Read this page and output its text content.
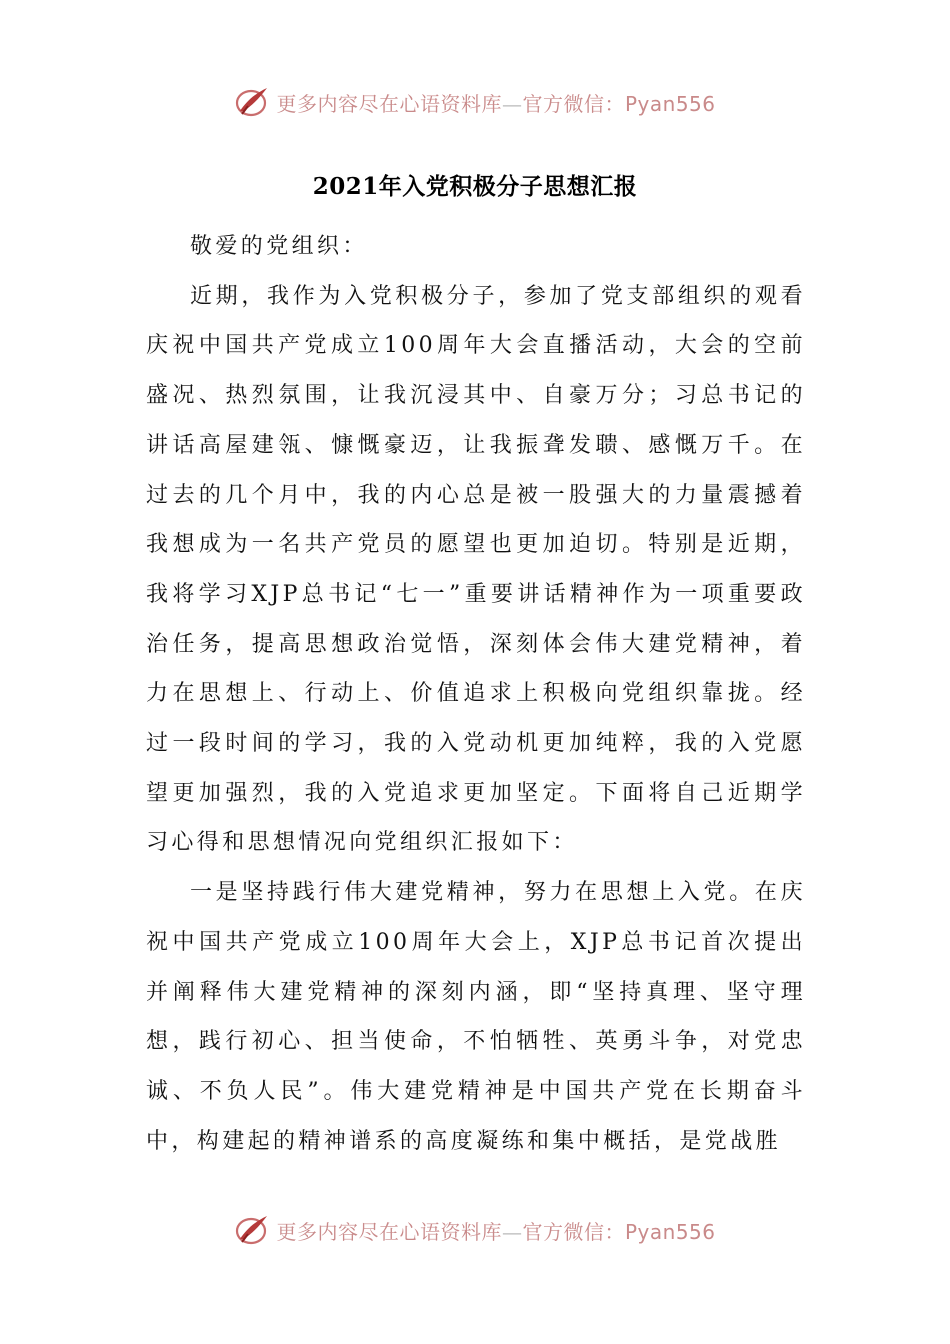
更多内容尽在心语资料库—官方微信：Pyan556
2021年入党积极分子思想汇报

敬爱的党组织：

近期，我作为入党积极分子，参加了党支部组织的观看庆祝中国共产党成立100周年大会直播活动，大会的空前盛况、热烈氛围，让我沉浸其中、自豪万分；习总书记的讲话高屋建瓴、慷慨豪迈，让我振聋发聩、感慨万千。在过去的几个月中，我的内心总是被一股强大的力量震撼着我想成为一名共产党员的愿望也更加迫切。特别是近期，我将学习XJP总书记“七一”重要讲话精神作为一项重要政治任务，提高思想政治觉悟，深刻体会伟大建党精神，着力在思想上、行动上、价值追求上积极向党组织靠拢。经过一段时间的学习，我的入党动机更加纯粹，我的入党愿望更加强烈，我的入党追求更加坚定。下面将自己近期学习心得和思想情况向党组织汇报如下：

一是坚持践行伟大建党精神，努力在思想上入党。在庆祝中国共产党成立100周年大会上，XJP总书记首次提出并阐释伟大建党精神的深刻内涵，即“坚持真理、坚守理想，践行初心、担当使命，不怕牺牲、英勇斗争，对党忠诚、不负人民”。伟大建党精神是中国共产党在长期奋斗中，构建起的精神谱系的高度凝练和集中概括，是党战胜

更多内容尽在心语资料库—官方微信：Pyan556
